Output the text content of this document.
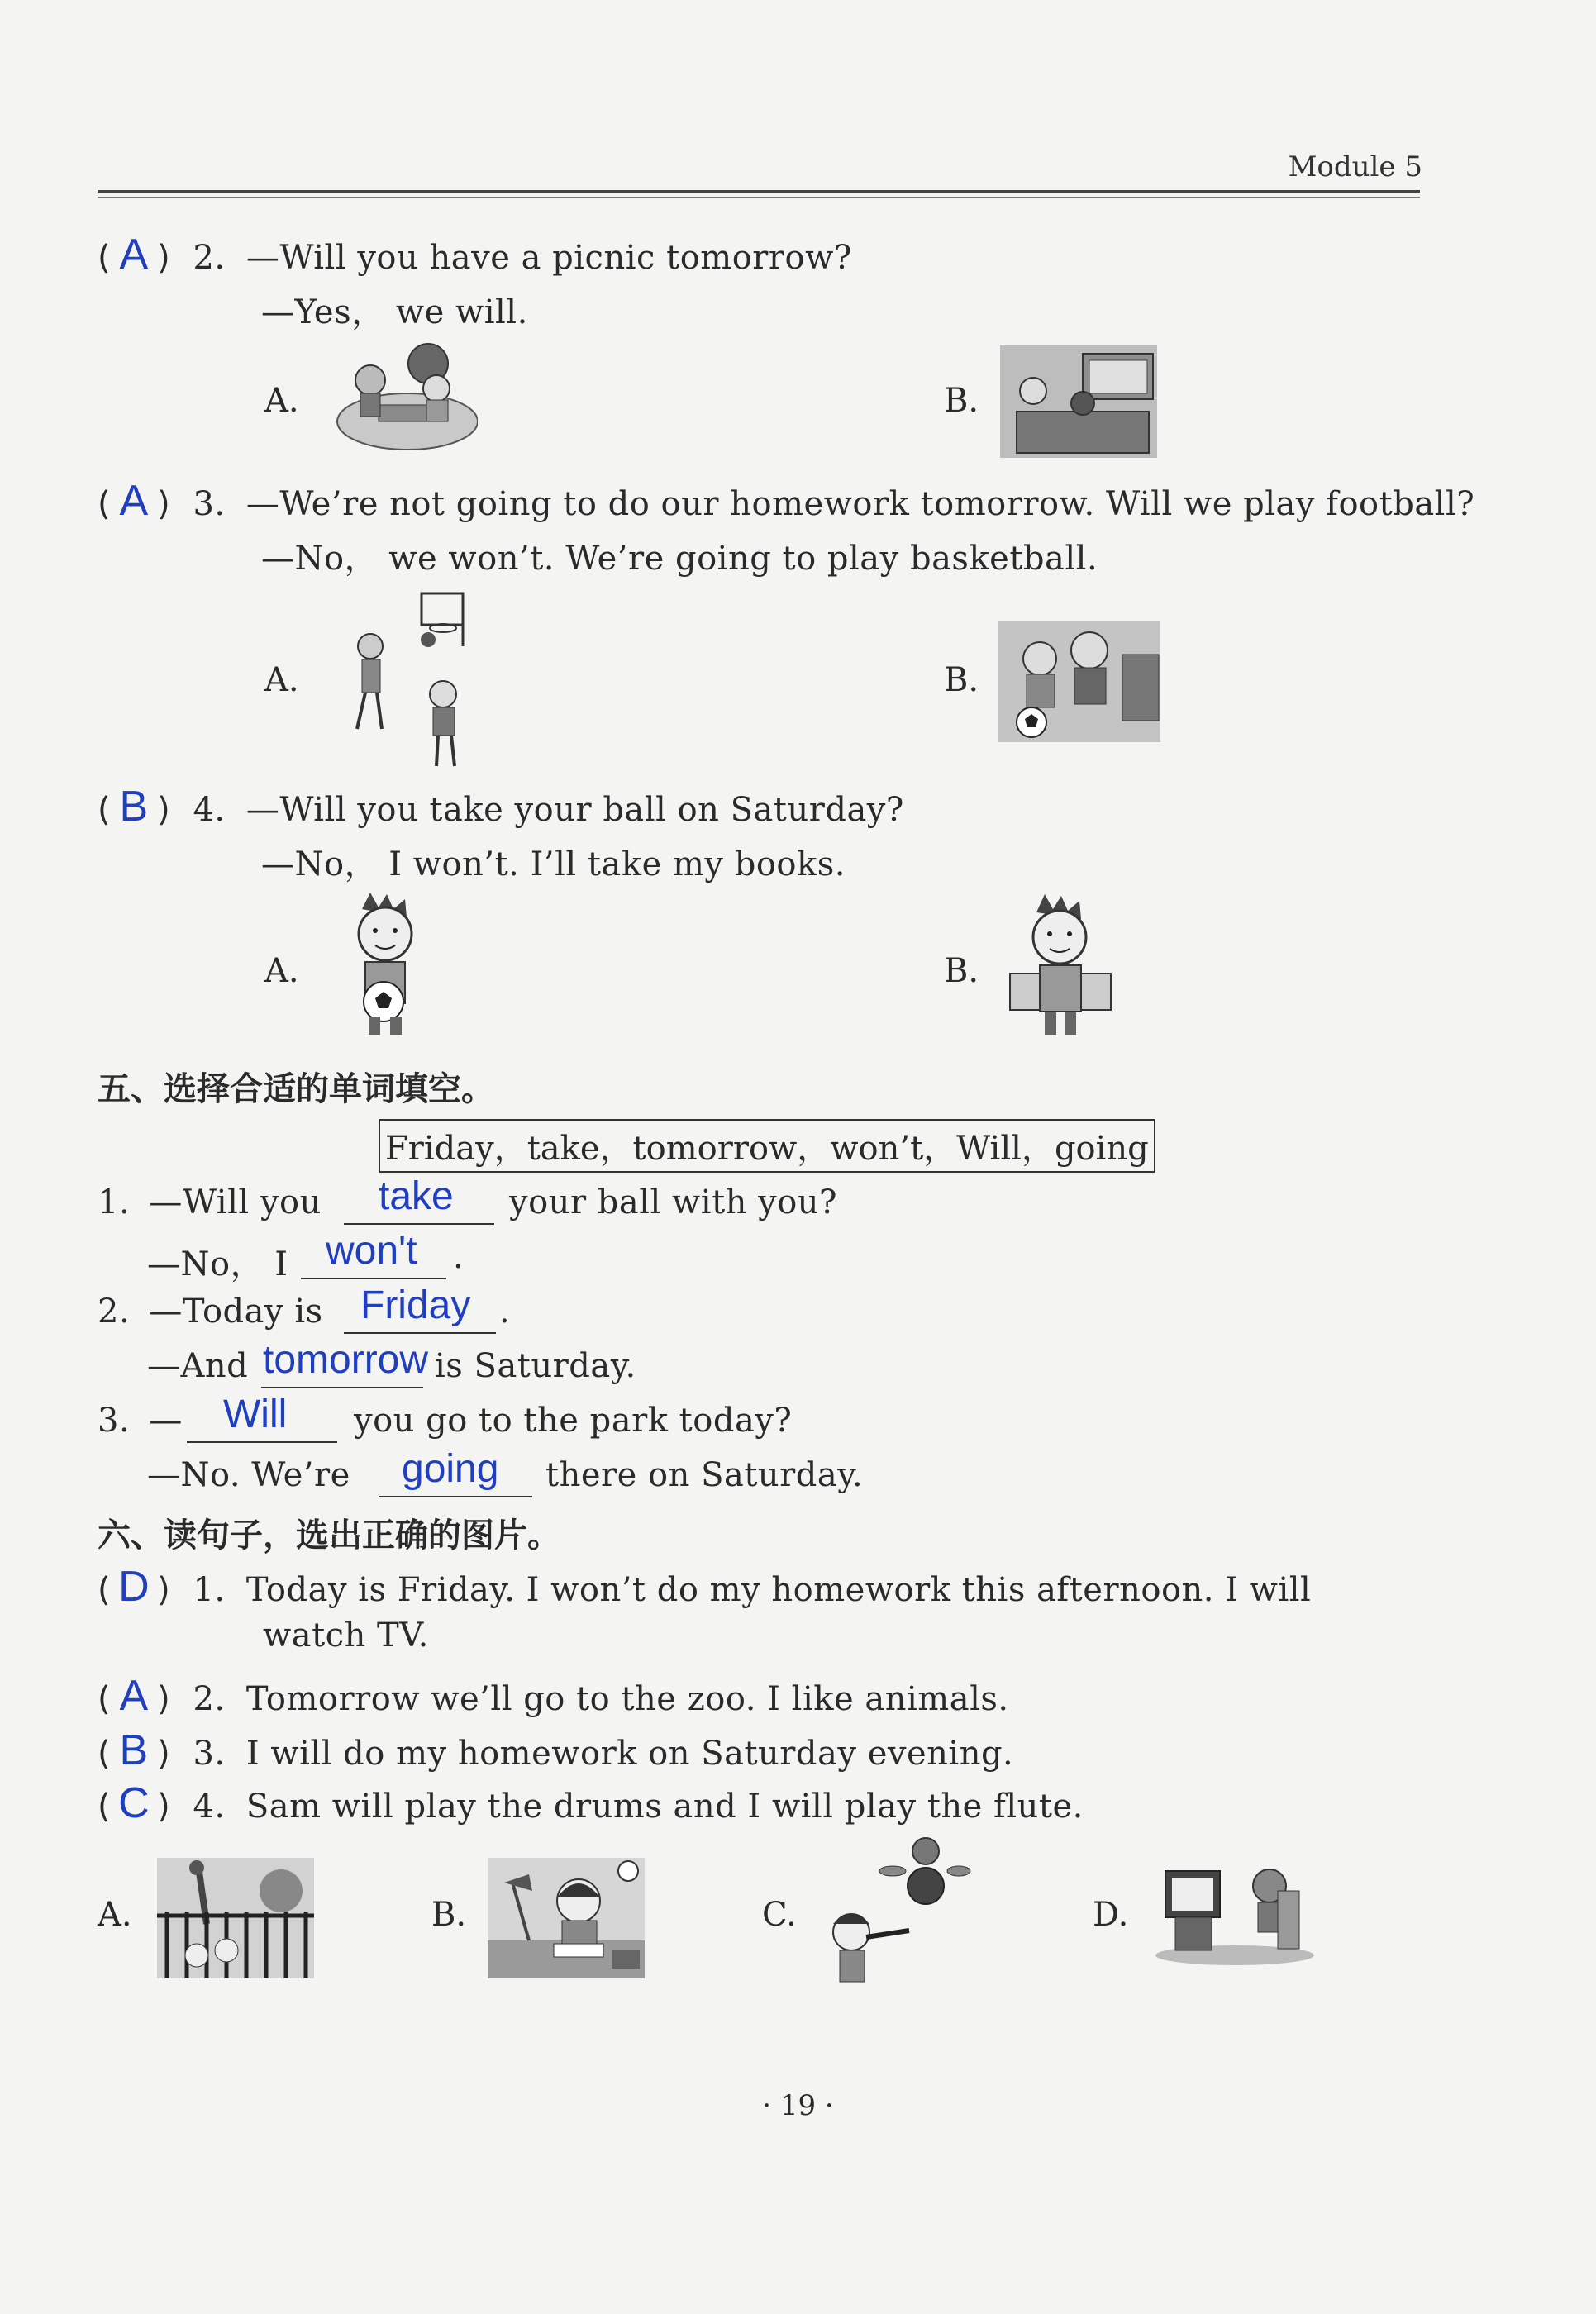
Module 5
( A ) 2. —Will you have a picnic tomorrow?
—Yes， we will.
A.	B.
( A ) 3. —We’re not going to do our homework tomorrow. Will we play football?
—No， we won’t. We’re going to play basketball.
A.	B.
( B ) 4. —Will you take your ball on Saturday?
—No， I won’t. I’ll take my books.
A.	B.
五、选择合适的单词填空。
Friday，take，tomorrow，won’t，Will，going
1. —Will you take your ball with you?
—No， I won't .
2. —Today is Friday .
—And tomorrow is Saturday.
3. — Will you go to the park today?
—No. We’re going there on Saturday.
六、读句子，选出正确的图片。
( D ) 1. Today is Friday. I won’t do my homework this afternoon. I will
watch TV.
( A ) 2. Tomorrow we’ll go to the zoo. I like animals.
( B ) 3. I will do my homework on Saturday evening.
( C ) 4. Sam will play the drums and I will play the flute.
A.	B.	C.	D.
· 19 ·
